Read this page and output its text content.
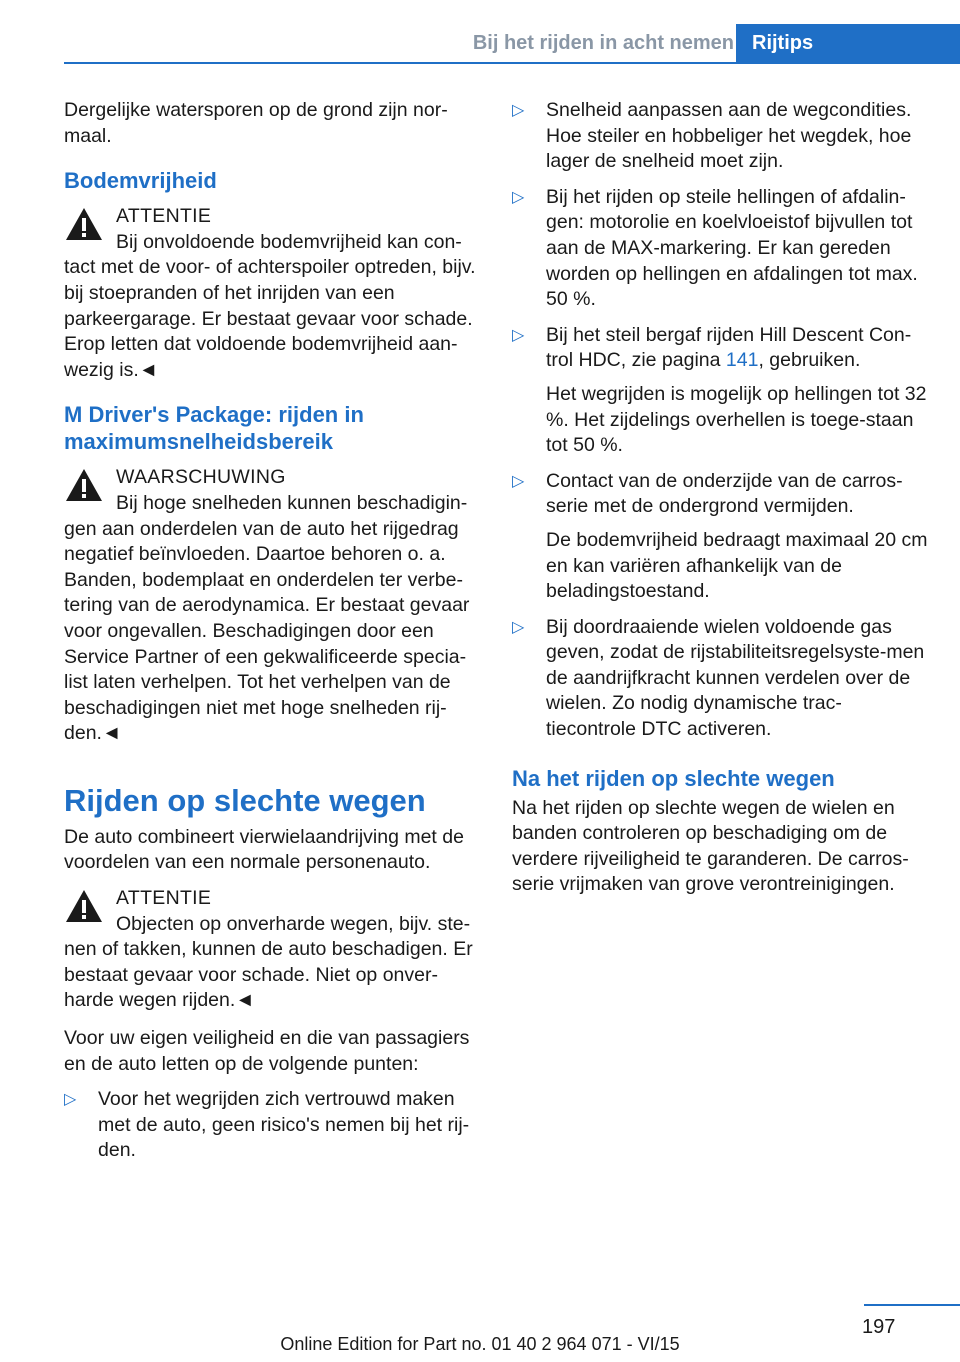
Bij het rijden in acht nemen Rijtips

Dergelijke watersporen op de grond zijn nor-maal.

Bodemvrijheid
ATTENTIE
Bij onvoldoende bodemvrijheid kan con-
tact met de voor- of achterspoiler optreden, bijv. bij stoepranden of het inrijden van een parkeergarage. Er bestaat gevaar voor schade. Erop letten dat voldoende bodemvrijheid aan-wezig is.◄
M Driver's Package: rijden in maximumsnelheidsbereik
WAARSCHUWING
Bij hoge snelheden kunnen beschadigin-
gen aan onderdelen van de auto het rijgedrag negatief beïnvloeden. Daartoe behoren o. a. Banden, bodemplaat en onderdelen ter verbe-tering van de aerodynamica. Er bestaat gevaar voor ongevallen. Beschadigingen door een Service Partner of een gekwalificeerde specia-list laten verhelpen. Tot het verhelpen van de beschadigingen niet met hoge snelheden rij-den.◄
Rijden op slechte wegen

De auto combineert vierwielaandrijving met de voordelen van een normale personenauto.

ATTENTIE
Objecten op onverharde wegen, bijv. ste-
nen of takken, kunnen de auto beschadigen. Er bestaat gevaar voor schade. Niet op onver-harde wegen rijden.◄

Voor uw eigen veiligheid en die van passagiers en de auto letten op de volgende punten:

▷ Voor het wegrijden zich vertrouwd maken met de auto, geen risico's nemen bij het rij-den.
▷ Snelheid aanpassen aan de wegcondities. Hoe steiler en hobbeliger het wegdek, hoe lager de snelheid moet zijn.
▷ Bij het rijden op steile hellingen of afdalin-gen: motorolie en koelvloeistof bijvullen tot aan de MAX-markering. Er kan gereden worden op hellingen en afdalingen tot max. 50 %.
▷ Bij het steil bergaf rijden Hill Descent Con-trol HDC, zie pagina 141, gebruiken.

Het wegrijden is mogelijk op hellingen tot 32 %. Het zijdelings overhellen is toege-staan tot 50 %.

▷ Contact van de onderzijde van de carros-serie met de ondergrond vermijden.

De bodemvrijheid bedraagt maximaal 20 cm en kan variëren afhankelijk van de beladingstoestand.

▷ Bij doordraaiende wielen voldoende gas geven, zodat de rijstabiliteitsregelsyste-men de aandrijfkracht kunnen verdelen over de wielen. Zo nodig dynamische trac-tiecontrole DTC activeren.
Na het rijden op slechte wegen

Na het rijden op slechte wegen de wielen en banden controleren op beschadiging om de verdere rijveiligheid te garanderen. De carros-serie vrijmaken van grove verontreinigingen.

197
Online Edition for Part no. 01 40 2 964 071 - VI/15
